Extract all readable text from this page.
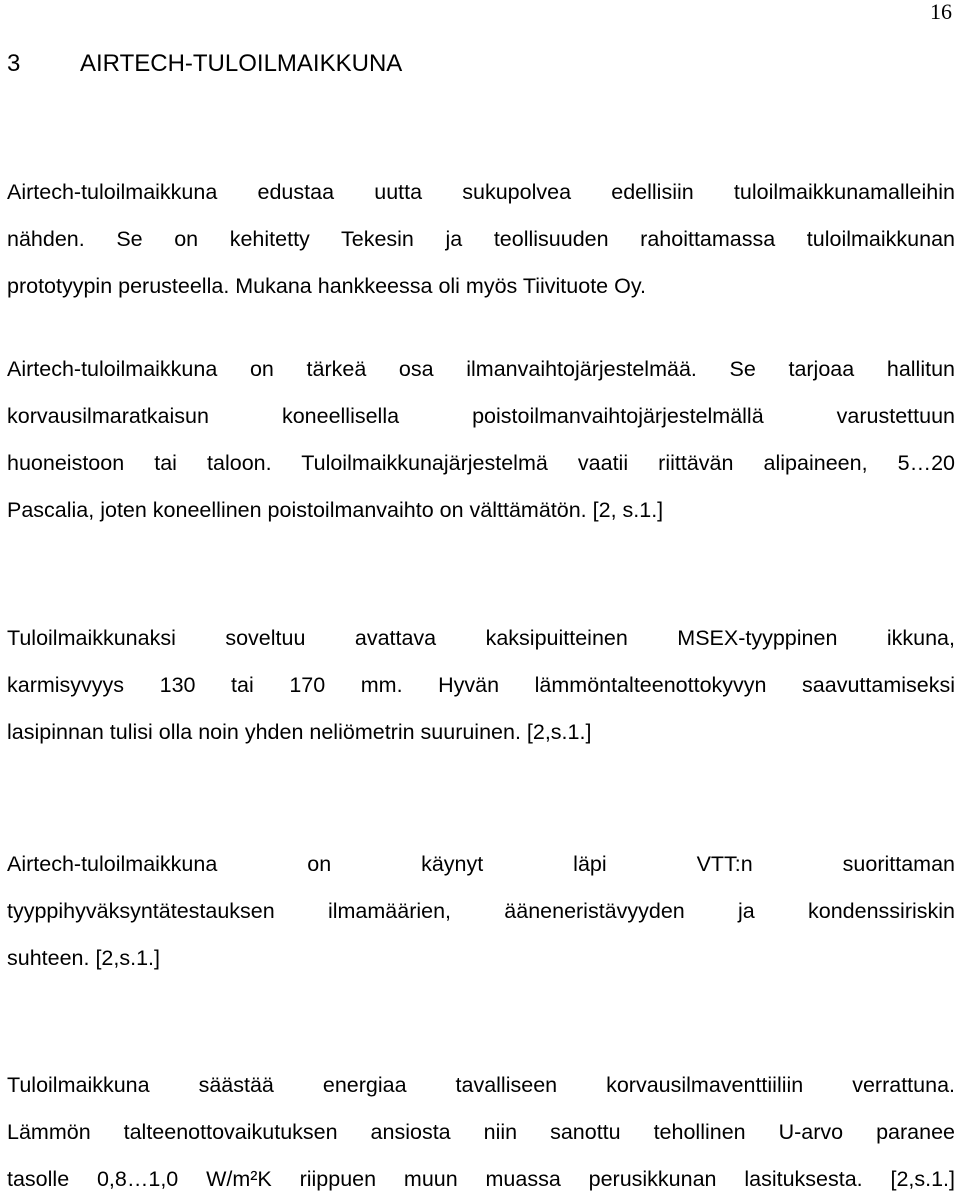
16
3 AIRTECH-TULOILMAIKKUNA
Airtech-tuloilmaikkuna edustaa uutta sukupolvea edellisiin tuloilmaikkunamalleihin
nähden. Se on kehitetty Tekesin ja teollisuuden rahoittamassa tuloilmaikkunan
prototyypin perusteella. Mukana hankkeessa oli myös Tiivituote Oy.
Airtech-tuloilmaikkuna on tärkeä osa ilmanvaihtojärjestelmää. Se tarjoaa hallitun
korvausilmaratkaisun koneellisella poistoilmanvaihtojärjestelmällä varustettuun
huoneistoon tai taloon. Tuloilmaikkunajärjestelmä vaatii riittävän alipaineen, 5…20
Pascalia, joten koneellinen poistoilmanvaihto on välttämätön. [2, s.1.]
Tuloilmaikkunaksi soveltuu avattava kaksipuitteinen MSEX-tyyppinen ikkuna,
karmisyvyys 130 tai 170 mm. Hyvän lämmöntalteenottokyvyn saavuttamiseksi
lasipinnan tulisi olla noin yhden neliömetrin suuruinen. [2,s.1.]
Airtech-tuloilmaikkuna on käynyt läpi VTT:n suorittaman
tyyppihyväksyntätestauksen ilmamäärien, ääneneristävyyden ja kondenssiriskin
suhteen. [2,s.1.]
Tuloilmaikkuna säästää energiaa tavalliseen korvausilmaventtiiliin verrattuna.
Lämmön talteenottovaikutuksen ansiosta niin sanottu tehollinen U-arvo paranee
tasolle 0,8…1,0 W/m²K riippuen muun muassa perusikkunan lasituksesta. [2,s.1.]
